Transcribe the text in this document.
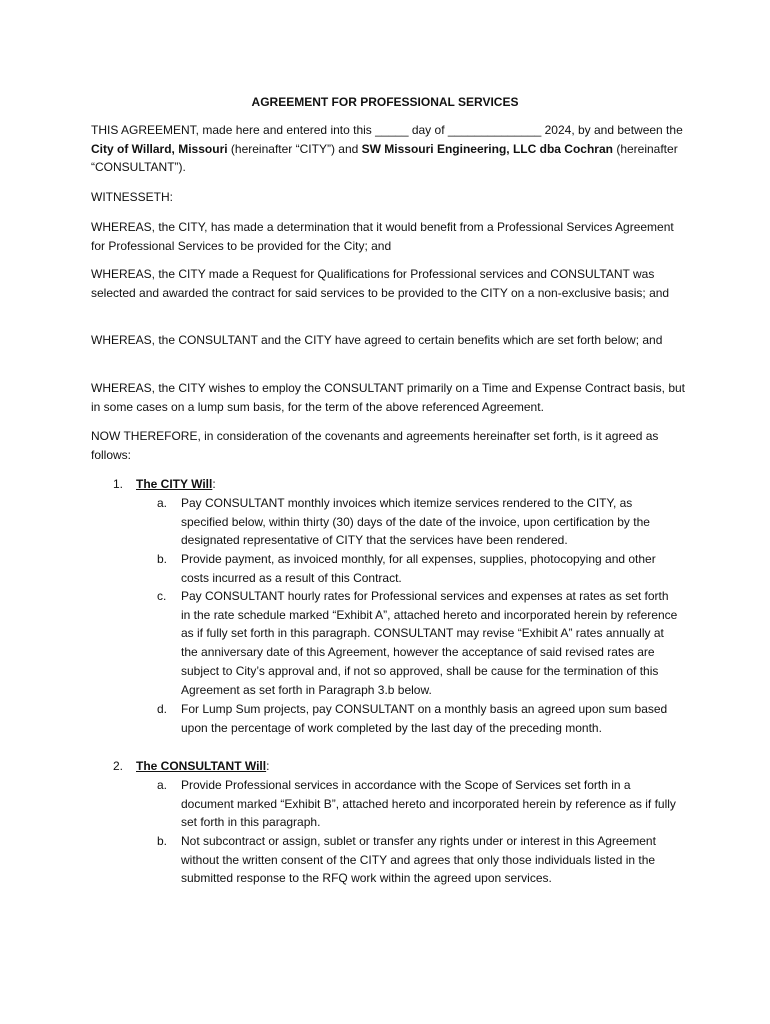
AGREEMENT FOR PROFESSIONAL SERVICES

THIS AGREEMENT, made here and entered into this _____ day of ______________ 2024, by and between the City of Willard, Missouri (hereinafter “CITY”) and SW Missouri Engineering, LLC dba Cochran (hereinafter “CONSULTANT”).

WITNESSETH:

WHEREAS, the CITY, has made a determination that it would benefit from a Professional Services Agreement for Professional Services to be provided for the City; and

WHEREAS, the CITY made a Request for Qualifications for Professional services and CONSULTANT was selected and awarded the contract for said services to be provided to the CITY on a non-exclusive basis; and

WHEREAS, the CONSULTANT and the CITY have agreed to certain benefits which are set forth below; and

WHEREAS, the CITY wishes to employ the CONSULTANT primarily on a Time and Expense Contract basis, but in some cases on a lump sum basis, for the term of the above referenced Agreement.

NOW THEREFORE, in consideration of the covenants and agreements hereinafter set forth, is it agreed as follows:

1. The CITY Will:
a. Pay CONSULTANT monthly invoices which itemize services rendered to the CITY, as specified below, within thirty (30) days of the date of the invoice, upon certification by the designated representative of CITY that the services have been rendered.

b. Provide payment, as invoiced monthly, for all expenses, supplies, photocopying and other costs incurred as a result of this Contract.

c. Pay CONSULTANT hourly rates for Professional services and expenses at rates as set forth in the rate schedule marked “Exhibit A”, attached hereto and incorporated herein by reference as if fully set forth in this paragraph. CONSULTANT may revise “Exhibit A” rates annually at the anniversary date of this Agreement, however the acceptance of said revised rates are subject to City’s approval and, if not so approved, shall be cause for the termination of this Agreement as set forth in Paragraph 3.b below.

d. For Lump Sum projects, pay CONSULTANT on a monthly basis an agreed upon sum based upon the percentage of work completed by the last day of the preceding month.

2. The CONSULTANT Will:
a. Provide Professional services in accordance with the Scope of Services set forth in a document marked “Exhibit B”, attached hereto and incorporated herein by reference as if fully set forth in this paragraph.

b. Not subcontract or assign, sublet or transfer any rights under or interest in this Agreement without the written consent of the CITY and agrees that only those individuals listed in the submitted response to the RFQ work within the agreed upon services.
